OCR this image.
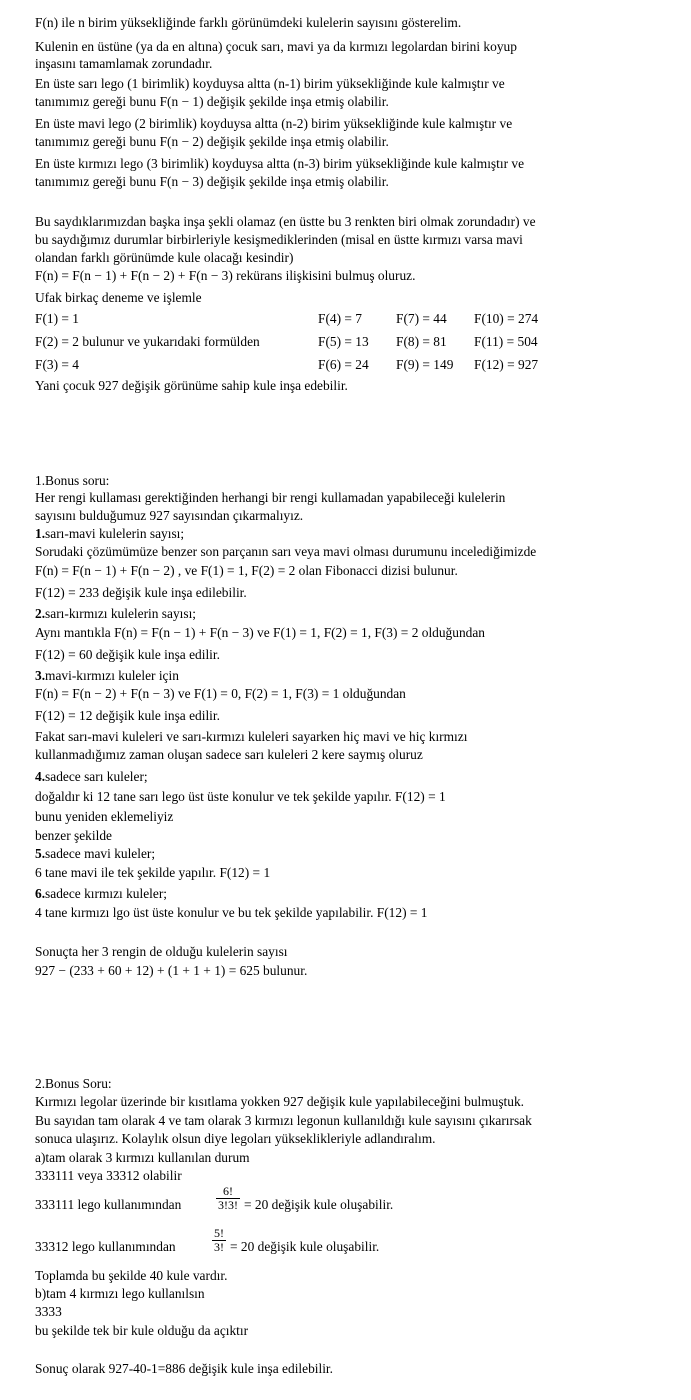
F(n) ile n birim yüksekliğinde farklı görünümdeki kulelerin sayısını gösterelim.
Kulenin en üstüne (ya da en altına) çocuk sarı, mavi ya da kırmızı legolardan birini koyup
inşasını tamamlamak zorundadır.
En üste sarı lego (1 birimlik) koyduysa altta (n-1) birim yüksekliğinde kule kalmıştır ve
tanımımız gereği bunu F(n − 1) değişik şekilde inşa etmiş olabilir.
En üste mavi lego (2 birimlik) koyduysa altta (n-2) birim yüksekliğinde kule kalmıştır ve
tanımımız gereği bunu F(n − 2) değişik şekilde inşa etmiş olabilir.
En üste kırmızı lego (3 birimlik) koyduysa altta (n-3) birim yüksekliğinde kule kalmıştır ve
tanımımız gereği bunu F(n − 3) değişik şekilde inşa etmiş olabilir.
Bu saydıklarımızdan başka inşa şekli olamaz (en üstte bu 3 renkten biri olmak zorundadır) ve
bu saydığımız durumlar birbirleriyle kesişmediklerinden (misal en üstte kırmızı varsa mavi
olandan farklı görünümde kule olacağı kesindir)
F(n) = F(n − 1) + F(n − 2) + F(n − 3) rekürans ilişkisini bulmuş oluruz.
Ufak birkaç deneme ve işlemle
F(1) = 1	F(4) = 7	F(7) = 44 F(10) = 274
F(2) = 2 bulunur ve yukarıdaki formülden	F(5) = 13 F(8) = 81 F(11) = 504
F(3) = 4	F(6) = 24 F(9) = 149 F(12) = 927
Yani çocuk 927 değişik görünüme sahip kule inşa edebilir.
1.Bonus soru:
Her rengi kullaması gerektiğinden herhangi bir rengi kullamadan yapabileceği kulelerin
sayısını bulduğumuz 927 sayısından çıkarmalıyız.
1.sarı-mavi kulelerin sayısı;
Sorudaki çözümümüze benzer son parçanın sarı veya mavi olması durumunu incelediğimizde
F(n) = F(n − 1) + F(n − 2) , ve F(1) = 1, F(2) = 2 olan Fibonacci dizisi bulunur.
F(12) = 233 değişik kule inşa edilebilir.
2.sarı-kırmızı kulelerin sayısı;
Aynı mantıkla F(n) = F(n − 1) + F(n − 3) ve F(1) = 1, F(2) = 1, F(3) = 2 olduğundan
F(12) = 60 değişik kule inşa edilir.
3.mavi-kırmızı kuleler için
F(n) = F(n − 2) + F(n − 3) ve F(1) = 0, F(2) = 1, F(3) = 1 olduğundan
F(12) = 12 değişik kule inşa edilir.
Fakat sarı-mavi kuleleri ve sarı-kırmızı kuleleri sayarken hiç mavi ve hiç kırmızı
kullanmadığımız zaman oluşan sadece sarı kuleleri 2 kere saymış oluruz
4.sadece sarı kuleler;
doğaldır ki 12 tane sarı lego üst üste konulur ve tek şekilde yapılır. F(12) = 1
bunu yeniden eklemeliyiz
benzer şekilde
5.sadece mavi kuleler;
6 tane mavi ile tek şekilde yapılır. F(12) = 1
6.sadece kırmızı kuleler;
4 tane kırmızı lgo üst üste konulur ve bu tek şekilde yapılabilir. F(12) = 1
Sonuçta her 3 rengin de olduğu kulelerin sayısı
927 − (233 + 60 + 12) + (1 + 1 + 1) = 625 bulunur.
2.Bonus Soru:
Kırmızı legolar üzerinde bir kısıtlama yokken 927 değişik kule yapılabileceğini bulmuştuk.
Bu sayıdan tam olarak 4 ve tam olarak 3 kırmızı legonun kullanıldığı kule sayısını çıkarırsak
sonuca ulaşırız. Kolaylık olsun diye legoları yükseklikleriyle adlandıralım.
a)tam olarak 3 kırmızı kullanılan durum
333111 veya 33312 olabilir
333111 lego kullanımından	$\frac{6!}{3!3!} = 20$ değişik kule oluşabilir.
33312 lego kullanımından	$\frac{5!}{3!} = 20$ değişik kule oluşabilir.
Toplamda bu şekilde 40 kule vardır.
b)tam 4 kırmızı lego kullanılsın
3333
bu şekilde tek bir kule olduğu da açıktır
Sonuç olarak 927-40-1=886 değişik kule inşa edilebilir.
